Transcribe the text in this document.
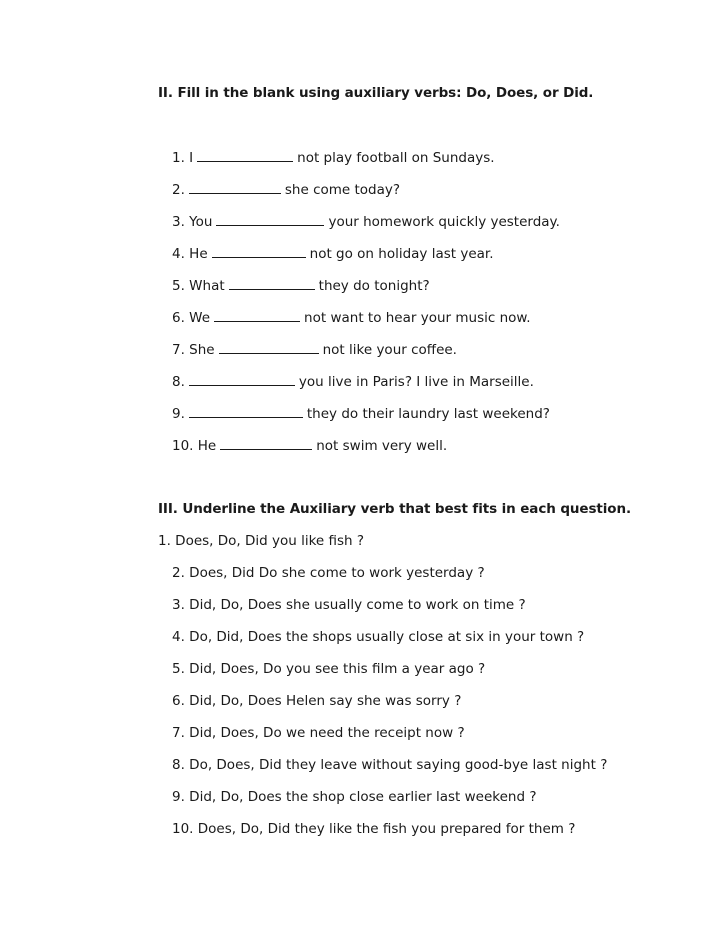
II. Fill in the blank using auxiliary verbs: Do, Does, or Did.
1. I	not play football on Sundays.
2.	she come today?
3. You	your homework quickly yesterday.
4. He	not go on holiday last year.
5. What	they do tonight?
6. We	not want to hear your music now.
7. She	not like your coffee.
8.	you live in Paris? I live in Marseille.
9.	they do their laundry last weekend?
10. He	not swim very well.
III. Underline the Auxiliary verb that best fits in each question.
1. Does, Do, Did you like fish ?
2. Does, Did Do she come to work yesterday ?
3. Did, Do, Does she usually come to work on time ?
4. Do, Did, Does the shops usually close at six in your town ?
5. Did, Does, Do you see this film a year ago ?
6. Did, Do, Does Helen say she was sorry ?
7. Did, Does, Do we need the receipt now ?
8. Do, Does, Did they leave without saying good-bye last night ?
9. Did, Do, Does the shop close earlier last weekend ?
10. Does, Do, Did they like the fish you prepared for them ?
